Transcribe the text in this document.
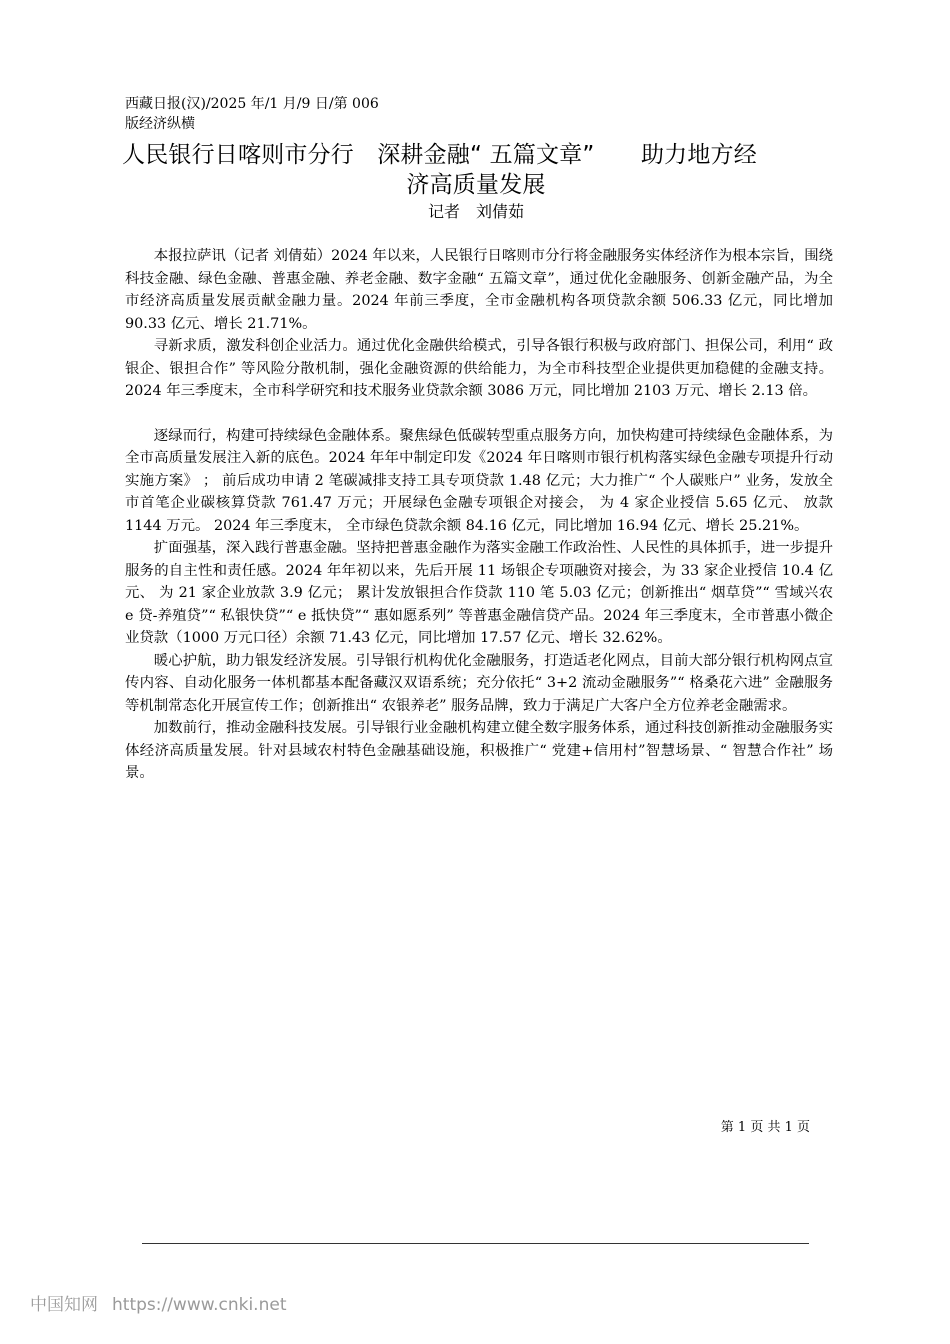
西藏日报(汉)/2025 年/1 月/9 日/第 006
版经济纵横
人民银行日喀则市分行　深耕金融“ 五篇文章”　　助力地方经
济高质量发展
记者　刘倩茹

本报拉萨讯（记者 刘倩茹）2024 年以来，人民银行日喀则市分行将金融服务实体经济作为根本宗旨，围绕科技金融、绿色金融、普惠金融、养老金融、数字金融“ 五篇文章”，通过优化金融服务、创新金融产品，为全市经济高质量发展贡献金融力量。2024 年前三季度，全市金融机构各项贷款余额 506.33 亿元，同比增加 90.33 亿元、增长 21.71%。

寻新求质，激发科创企业活力。通过优化金融供给模式，引导各银行积极与政府部门、担保公司，利用“ 政银企、银担合作” 等风险分散机制，强化金融资源的供给能力，为全市科技型企业提供更加稳健的金融支持。2024 年三季度末，全市科学研究和技术服务业贷款余额 3086 万元，同比增加 2103 万元、增长 2.13 倍。

逐绿而行，构建可持续绿色金融体系。聚焦绿色低碳转型重点服务方向，加快构建可持续绿色金融体系，为全市高质量发展注入新的底色。2024 年年中制定印发《2024 年日喀则市银行机构落实绿色金融专项提升行动实施方案》 ； 前后成功申请 2 笔碳减排支持工具专项贷款 1.48 亿元；大力推广“ 个人碳账户” 业务，发放全市首笔企业碳核算贷款 761.47 万元；开展绿色金融专项银企对接会， 为 4 家企业授信 5.65 亿元、 放款 1144 万元。 2024 年三季度末， 全市绿色贷款余额 84.16 亿元，同比增加 16.94 亿元、增长 25.21%。

扩面强基，深入践行普惠金融。坚持把普惠金融作为落实金融工作政治性、人民性的具体抓手，进一步提升服务的自主性和责任感。2024 年年初以来，先后开展 11 场银企专项融资对接会，为 33 家企业授信 10.4 亿元、 为 21 家企业放款 3.9 亿元； 累计发放银担合作贷款 110 笔 5.03 亿元；创新推出“ 烟草贷”“ 雪域兴农 e 贷-养殖贷”“ 私银快贷”“ e 抵快贷”“ 惠如愿系列” 等普惠金融信贷产品。2024 年三季度末，全市普惠小微企业贷款（1000 万元口径）余额 71.43 亿元，同比增加 17.57 亿元、增长 32.62%。

暖心护航，助力银发经济发展。引导银行机构优化金融服务，打造适老化网点，目前大部分银行机构网点宣传内容、自动化服务一体机都基本配备藏汉双语系统；充分依托“ 3+2 流动金融服务”“ 格桑花六进” 金融服务等机制常态化开展宣传工作；创新推出“ 农银养老” 服务品牌，致力于满足广大客户全方位养老金融需求。

加数前行，推动金融科技发展。引导银行业金融机构建立健全数字服务体系，通过科技创新推动金融服务实体经济高质量发展。针对县域农村特色金融基础设施，积极推广“ 党建+信用村”智慧场景、“ 智慧合作社” 场景。

第 1 页 共 1 页
中国知网 https://www.cnki.net
